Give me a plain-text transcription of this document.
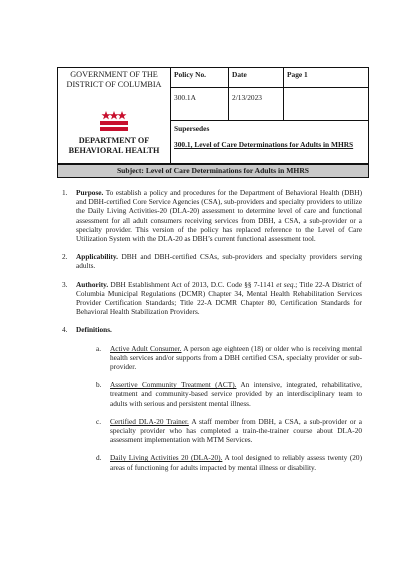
GOVERNMENT OF THE
DISTRICT OF COLUMBIA
DEPARTMENT OF
BEHAVIORAL HEALTH
Policy No.
300.1A
Date
2/13/2023
Page 1
Supersedes
300.1, Level of Care Determinations for Adults in MHRS
Subject: Level of Care Determinations for Adults in MHRS
1. Purpose. To establish a policy and procedures for the Department of Behavioral Health (DBH) and DBH-certified Core Service Agencies (CSA), sub-providers and specialty providers to utilize the Daily Living Activities-20 (DLA-20) assessment to determine level of care and functional assessment for all adult consumers receiving services from DBH, a CSA, a sub-provider or a specialty provider. This version of the policy has replaced reference to the Level of Care Utilization System with the DLA-20 as DBH’s current functional assessment tool.
2. Applicability. DBH and DBH-certified CSAs, sub-providers and specialty providers serving adults.
3. Authority. DBH Establishment Act of 2013, D.C. Code §§ 7-1141 et seq.; Title 22-A District of Columbia Municipal Regulations (DCMR) Chapter 34, Mental Health Rehabilitation Services Provider Certification Standards; Title 22-A DCMR Chapter 80, Certification Standards for Behavioral Health Stabilization Providers.
4. Definitions.
a. Active Adult Consumer. A person age eighteen (18) or older who is receiving mental health services and/or supports from a DBH certified CSA, specialty provider or sub-provider.
b. Assertive Community Treatment (ACT). An intensive, integrated, rehabilitative, treatment and community-based service provided by an interdisciplinary team to adults with serious and persistent mental illness.
c. Certified DLA-20 Trainer. A staff member from DBH, a CSA, a sub-provider or a specialty provider who has completed a train-the-trainer course about DLA-20 assessment implementation with MTM Services.
d. Daily Living Activities 20 (DLA-20). A tool designed to reliably assess twenty (20) areas of functioning for adults impacted by mental illness or disability.
